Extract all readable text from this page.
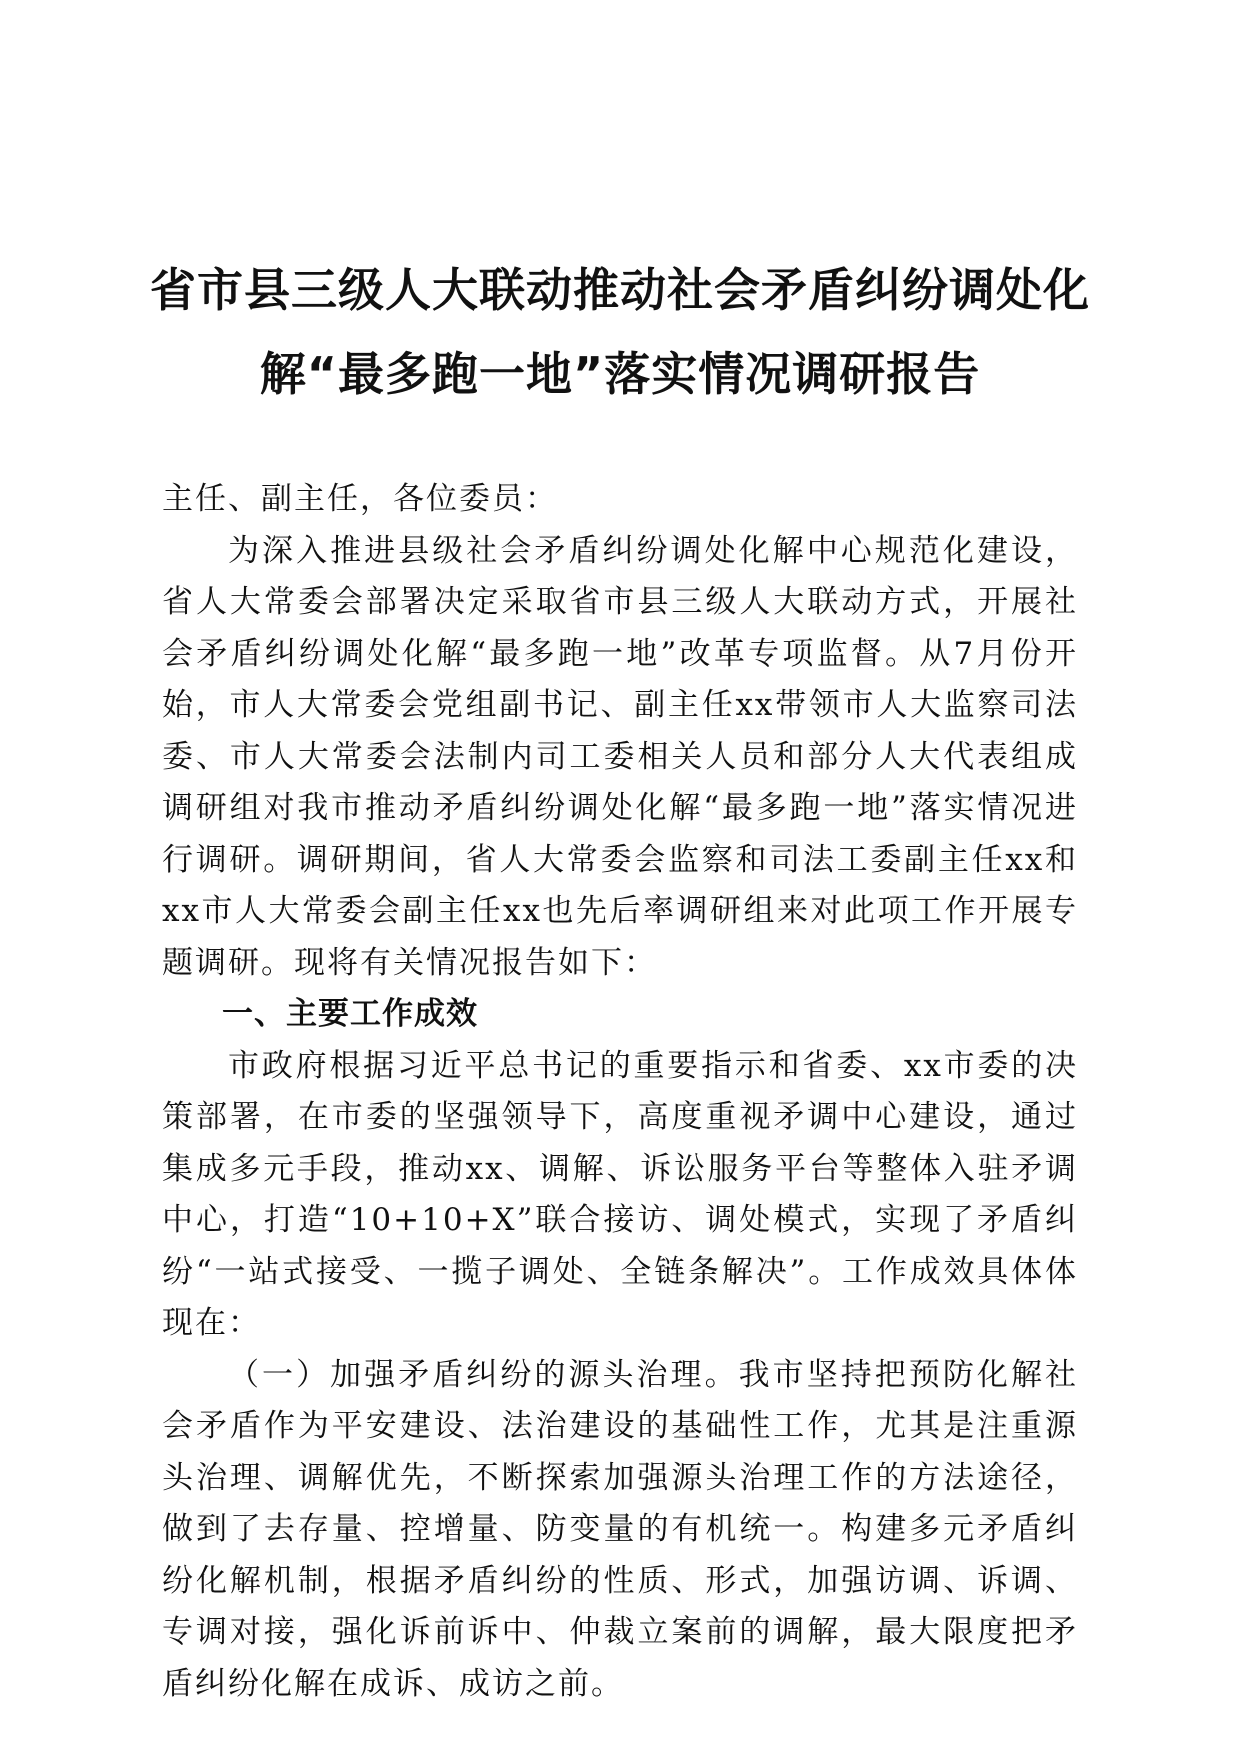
省市县三级人大联动推动社会矛盾纠纷调处化
解“最多跑一地”落实情况调研报告

主任、副主任，各位委员：

为深入推进县级社会矛盾纠纷调处化解中心规范化建设，省人大常委会部署决定采取省市县三级人大联动方式，开展社会矛盾纠纷调处化解“最多跑一地”改革专项监督。从7月份开始，市人大常委会党组副书记、副主任xx带领市人大监察司法委、市人大常委会法制内司工委相关人员和部分人大代表组成调研组对我市推动矛盾纠纷调处化解“最多跑一地”落实情况进行调研。调研期间，省人大常委会监察和司法工委副主任xx和xx市人大常委会副主任xx也先后率调研组来对此项工作开展专题调研。现将有关情况报告如下：

一、主要工作成效

市政府根据习近平总书记的重要指示和省委、xx市委的决策部署，在市委的坚强领导下，高度重视矛调中心建设，通过集成多元手段，推动xx、调解、诉讼服务平台等整体入驻矛调中心，打造“10+10+X”联合接访、调处模式，实现了矛盾纠纷“一站式接受、一揽子调处、全链条解决”。工作成效具体体现在：

（一）加强矛盾纠纷的源头治理。我市坚持把预防化解社会矛盾作为平安建设、法治建设的基础性工作，尤其是注重源头治理、调解优先，不断探索加强源头治理工作的方法途径，做到了去存量、控增量、防变量的有机统一。构建多元矛盾纠纷化解机制，根据矛盾纠纷的性质、形式，加强访调、诉调、专调对接，强化诉前诉中、仲裁立案前的调解，最大限度把矛盾纠纷化解在成诉、成访之前。
